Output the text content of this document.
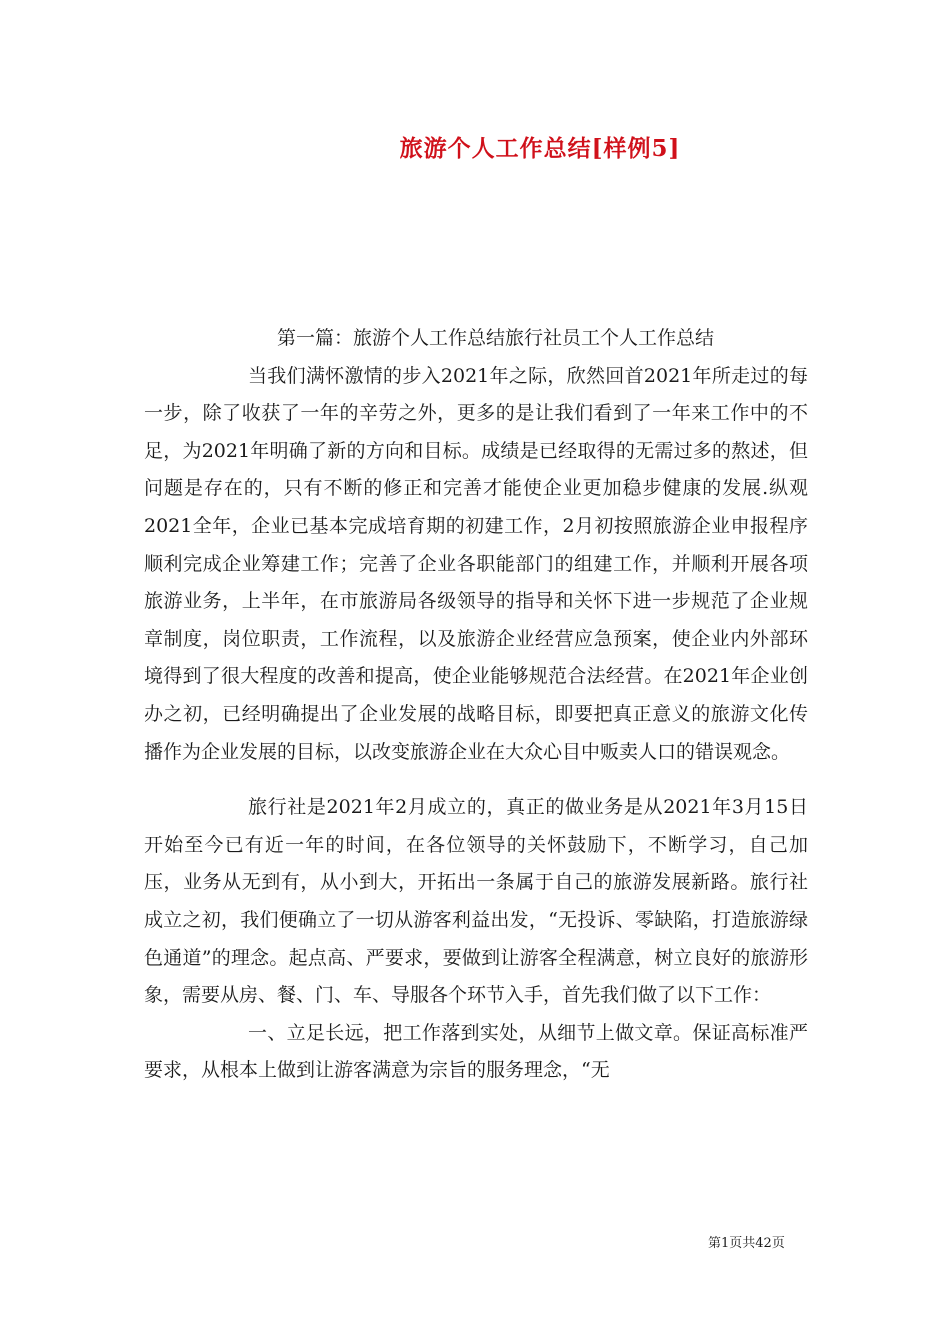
旅游个人工作总结[样例5]

第一篇：旅游个人工作总结旅行社员工个人工作总结

当我们满怀激情的步入2021年之际，欣然回首2021年所走过的每一步，除了收获了一年的辛劳之外，更多的是让我们看到了一年来工作中的不足，为2021年明确了新的方向和目标。成绩是已经取得的无需过多的熬述，但问题是存在的，只有不断的修正和完善才能使企业更加稳步健康的发展.纵观2021全年，企业已基本完成培育期的初建工作，2月初按照旅游企业申报程序顺利完成企业筹建工作；完善了企业各职能部门的组建工作，并顺利开展各项旅游业务，上半年，在市旅游局各级领导的指导和关怀下进一步规范了企业规章制度，岗位职责，工作流程，以及旅游企业经营应急预案，使企业内外部环境得到了很大程度的改善和提高，使企业能够规范合法经营。在2021年企业创办之初，已经明确提出了企业发展的战略目标，即要把真正意义的旅游文化传播作为企业发展的目标，以改变旅游企业在大众心目中贩卖人口的错误观念。

旅行社是2021年2月成立的，真正的做业务是从2021年3月15日开始至今已有近一年的时间，在各位领导的关怀鼓励下，不断学习，自己加压，业务从无到有，从小到大，开拓出一条属于自己的旅游发展新路。旅行社成立之初，我们便确立了一切从游客利益出发，“无投诉、零缺陷，打造旅游绿色通道”的理念。起点高、严要求，要做到让游客全程满意，树立良好的旅游形象，需要从房、餐、门、车、导服各个环节入手，首先我们做了以下工作：

一、立足长远，把工作落到实处，从细节上做文章。保证高标准严要求，从根本上做到让游客满意为宗旨的服务理念，“无

第1页共42页
